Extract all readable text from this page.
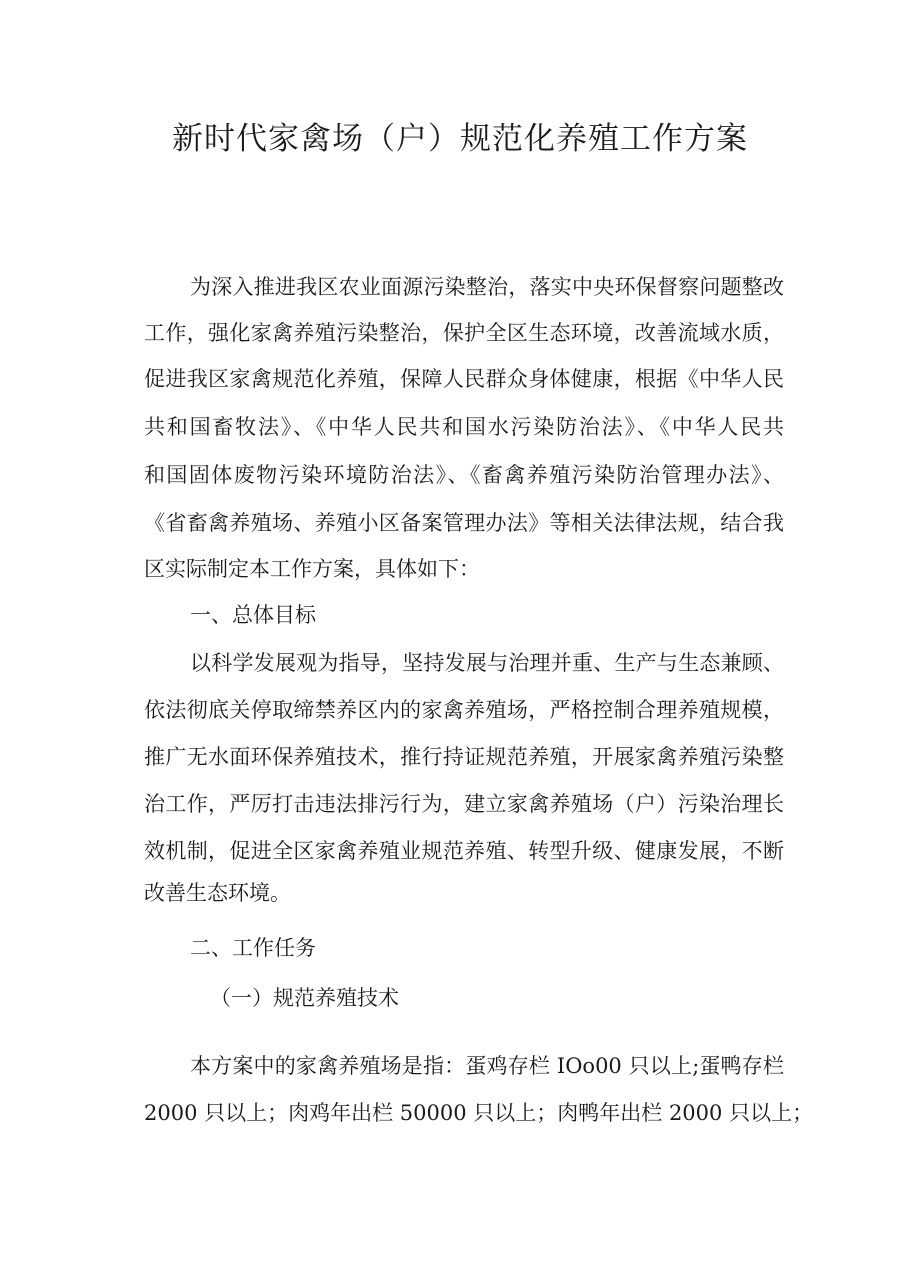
新时代家禽场（户）规范化养殖工作方案

为深入推进我区农业面源污染整治，落实中央环保督察问题整改

工作，强化家禽养殖污染整治，保护全区生态环境，改善流域水质，

促进我区家禽规范化养殖，保障人民群众身体健康，根据《中华人民

共和国畜牧法》、《中华人民共和国水污染防治法》、《中华人民共

和国固体废物污染环境防治法》、《畜禽养殖污染防治管理办法》、

《省畜禽养殖场、养殖小区备案管理办法》等相关法律法规，结合我

区实际制定本工作方案，具体如下：

一、总体目标

以科学发展观为指导，坚持发展与治理并重、生产与生态兼顾、

依法彻底关停取缔禁养区内的家禽养殖场，严格控制合理养殖规模，

推广无水面环保养殖技术，推行持证规范养殖，开展家禽养殖污染整

治工作，严厉打击违法排污行为，建立家禽养殖场（户）污染治理长

效机制，促进全区家禽养殖业规范养殖、转型升级、健康发展，不断

改善生态环境。

二、工作任务
（一）规范养殖技术

本方案中的家禽养殖场是指：蛋鸡存栏 IOo00 只以上;蛋鸭存栏

2000 只以上；肉鸡年出栏 50000 只以上；肉鸭年出栏 2000 只以上；
